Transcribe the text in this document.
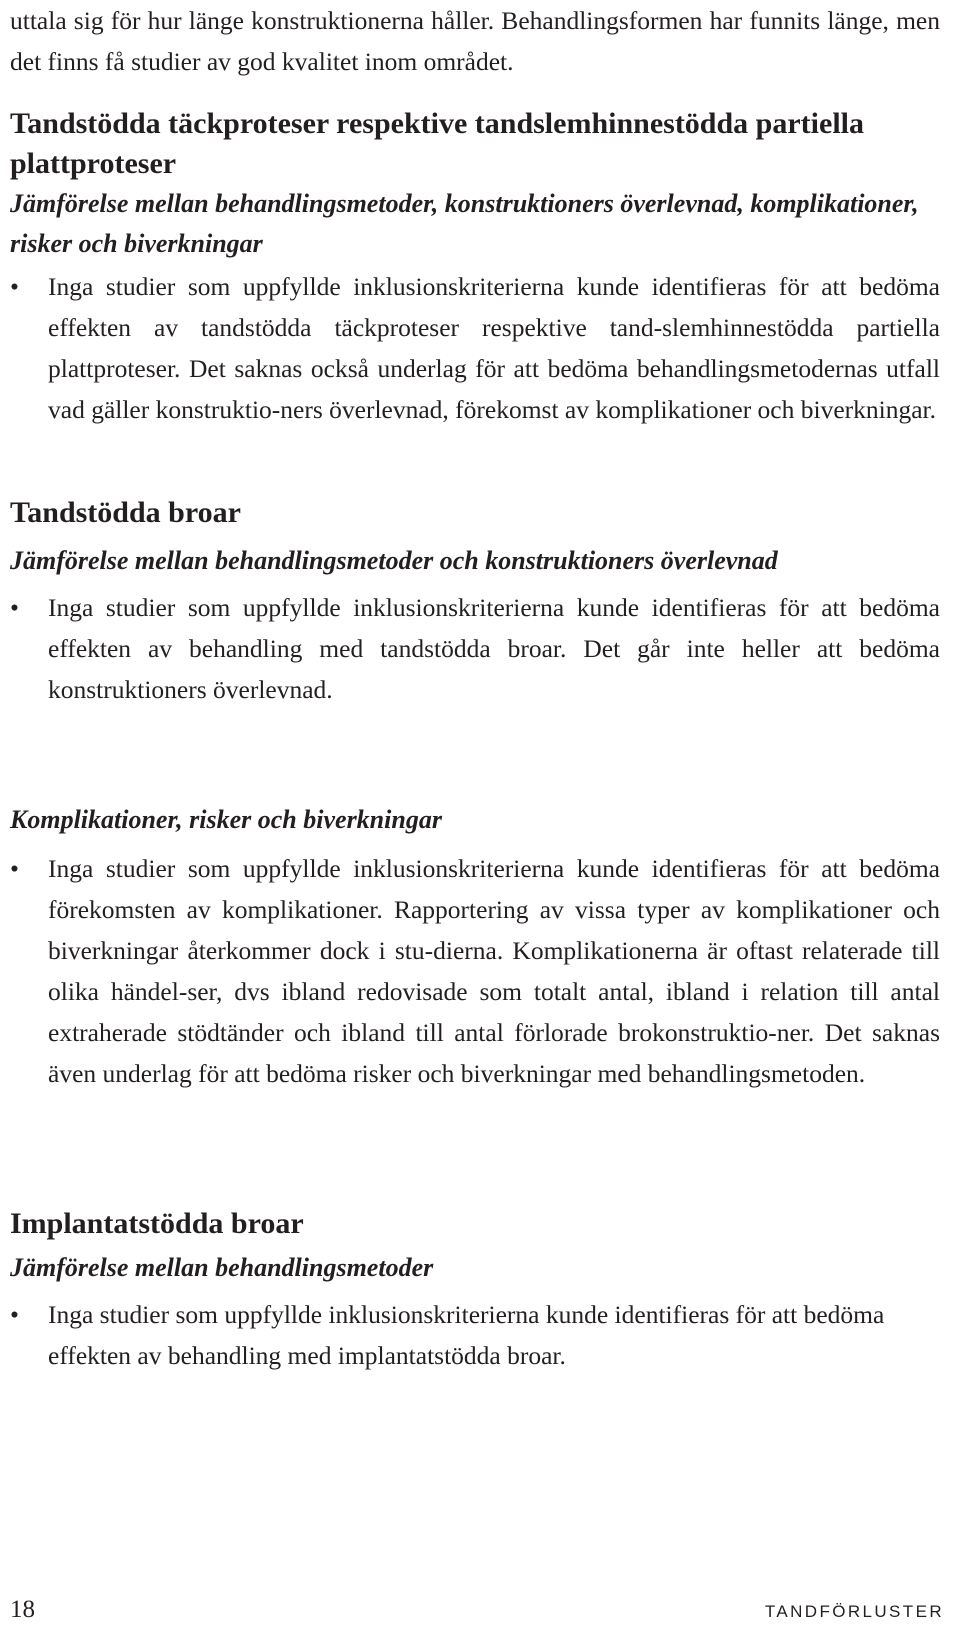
uttala sig för hur länge konstruktionerna håller. Behandlingsformen har funnits länge, men det finns få studier av god kvalitet inom området.

Tandstödda täckproteser respektive tandslemhinnestödda partiella plattproteser
Jämförelse mellan behandlingsmetoder, konstruktioners överlevnad, komplikationer, risker och biverkningar
•	Inga studier som uppfyllde inklusionskriterierna kunde identifieras för att bedöma effekten av tandstödda täckproteser respektive tand-slemhinnestödda partiella plattproteser. Det saknas också underlag för att bedöma behandlingsmetodernas utfall vad gäller konstruktio-ners överlevnad, förekomst av komplikationer och biverkningar.
Tandstödda broar
Jämförelse mellan behandlingsmetoder och konstruktioners överlevnad
•	Inga studier som uppfyllde inklusionskriterierna kunde identifieras för att bedöma effekten av behandling med tandstödda broar. Det går inte heller att bedöma konstruktioners överlevnad.
Komplikationer, risker och biverkningar
•	Inga studier som uppfyllde inklusionskriterierna kunde identifieras för att bedöma förekomsten av komplikationer. Rapportering av vissa typer av komplikationer och biverkningar återkommer dock i stu-dierna. Komplikationerna är oftast relaterade till olika händel-ser, dvs ibland redovisade som totalt antal, ibland i relation till antal extraherade stödtänder och ibland till antal förlorade brokonstruktio-ner. Det saknas även underlag för att bedöma risker och biverkningar med behandlingsmetoden.
Implantatstödda broar
Jämförelse mellan behandlingsmetoder
•	Inga studier som uppfyllde inklusionskriterierna kunde identifieras för att bedöma effekten av behandling med implantatstödda broar.
18	TANDFÖRLUSTER
